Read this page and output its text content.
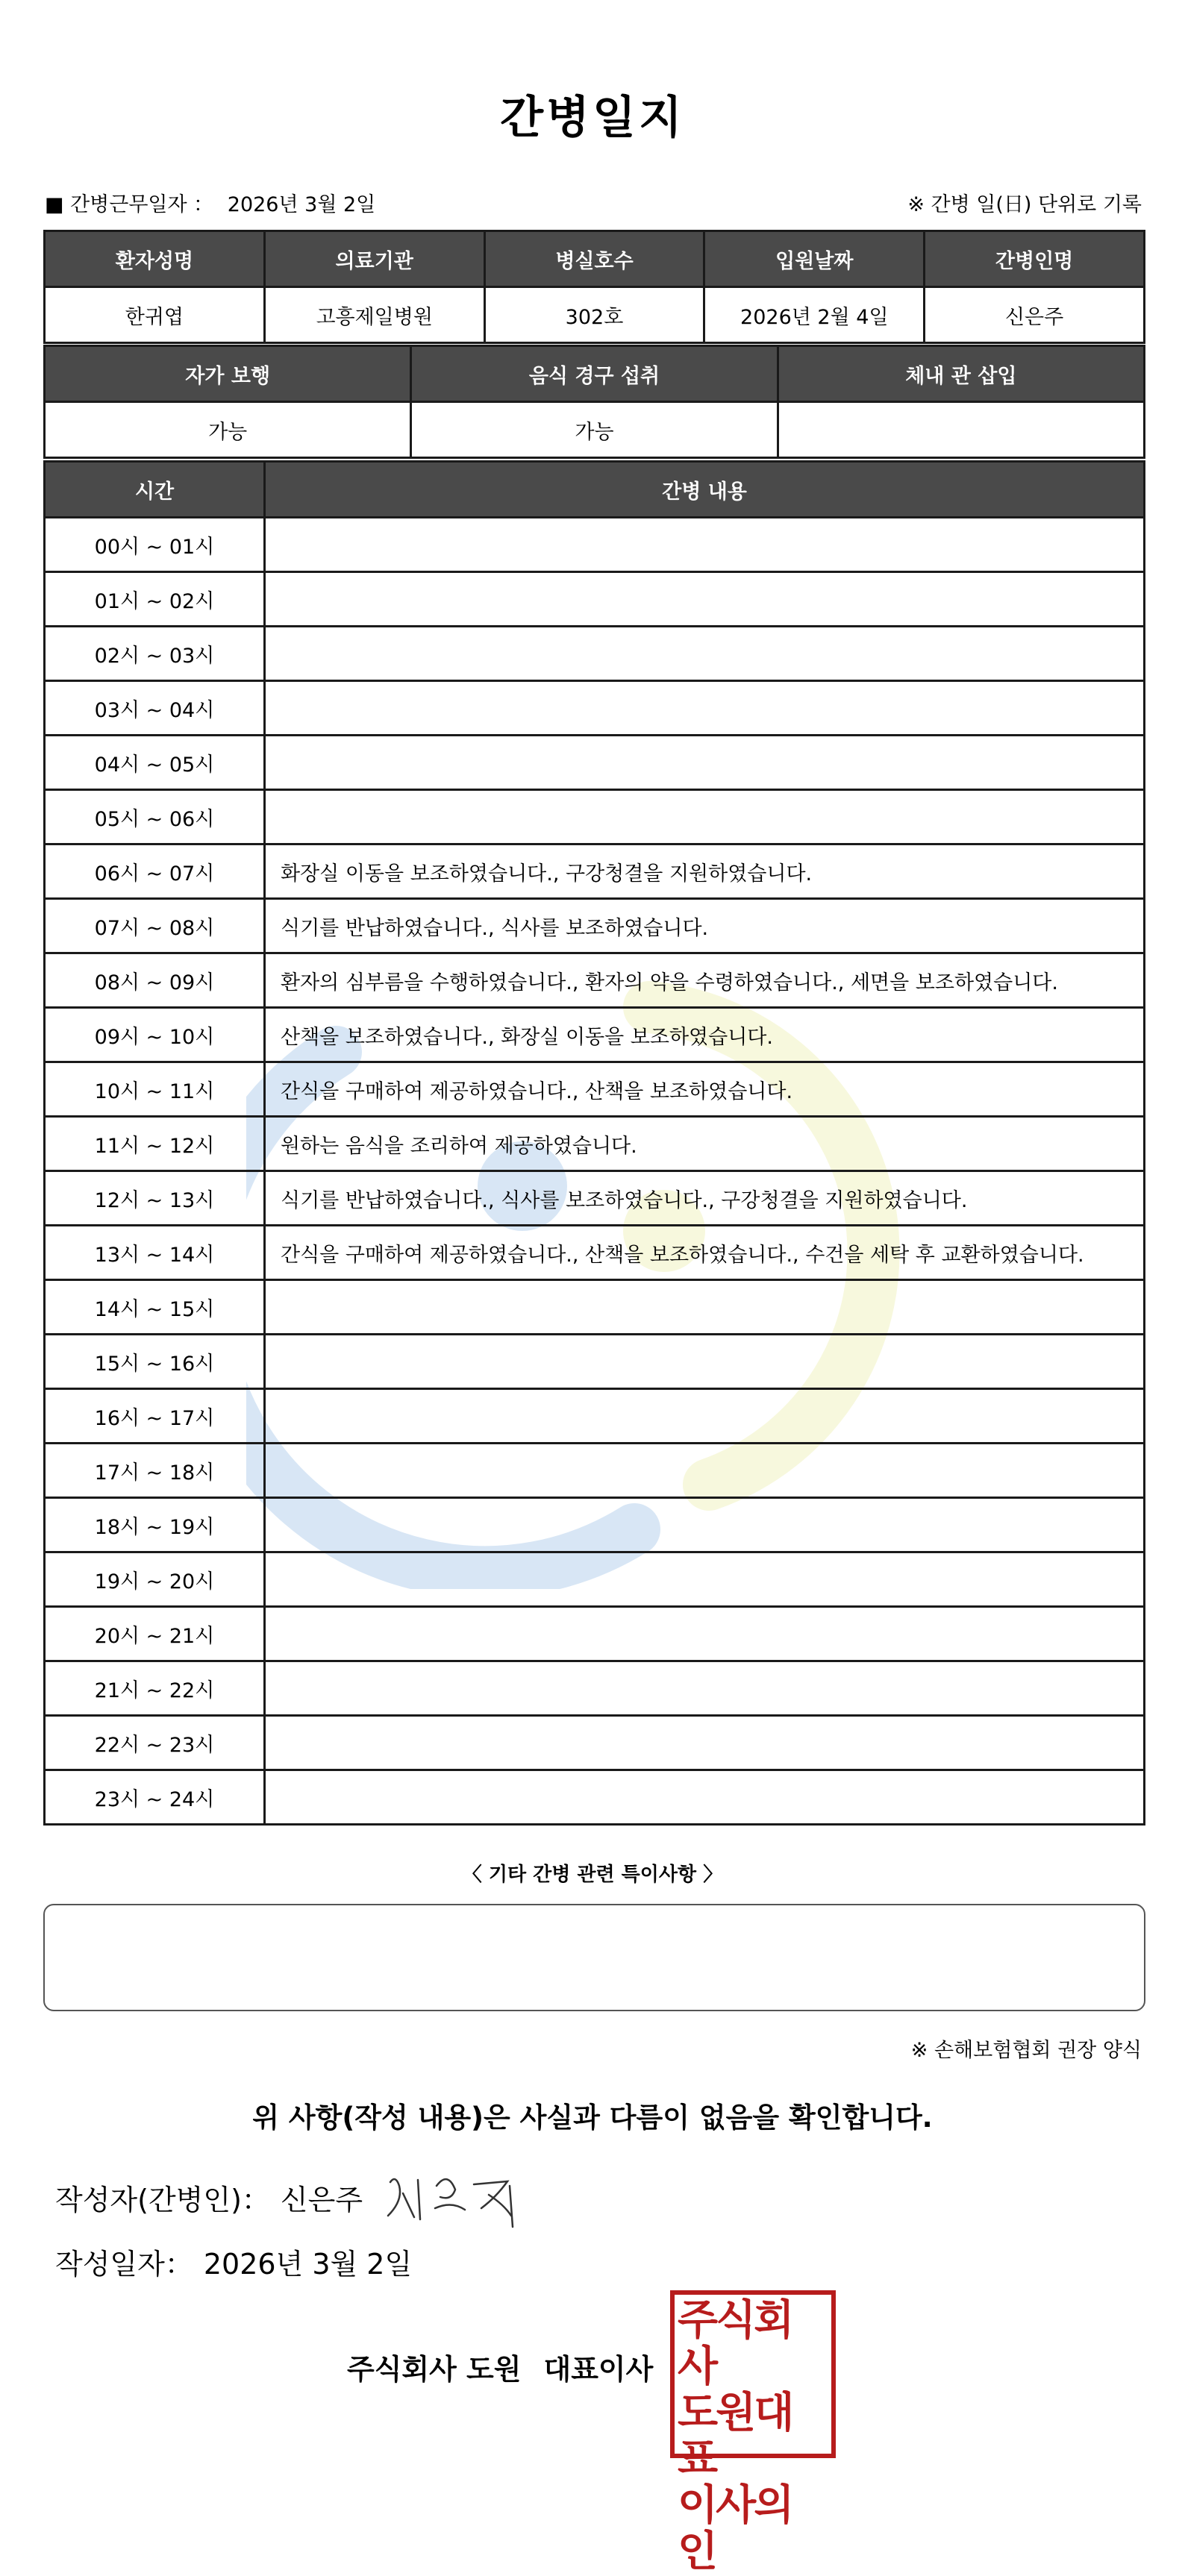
간병일지
■ 간병근무일자 ： 2026년 3월 2일	※ 간병 일(日) 단위로 기록
환자성명	의료기관	병실호수	입원날짜	간병인명
한귀엽	고흥제일병원	302호	2026년 2월 4일	신은주
자가 보행	음식 경구 섭취	체내 관 삽입
가능	가능	
시간	간병 내용
00시 ~ 01시	
01시 ~ 02시	
02시 ~ 03시	
03시 ~ 04시	
04시 ~ 05시	
05시 ~ 06시	
06시 ~ 07시	화장실 이동을 보조하였습니다., 구강청결을 지원하였습니다.
07시 ~ 08시	식기를 반납하였습니다., 식사를 보조하였습니다.
08시 ~ 09시	환자의 심부름을 수행하였습니다., 환자의 약을 수령하였습니다., 세면을 보조하였습니다.
09시 ~ 10시	산책을 보조하였습니다., 화장실 이동을 보조하였습니다.
10시 ~ 11시	간식을 구매하여 제공하였습니다., 산책을 보조하였습니다.
11시 ~ 12시	원하는 음식을 조리하여 제공하였습니다.
12시 ~ 13시	식기를 반납하였습니다., 식사를 보조하였습니다., 구강청결을 지원하였습니다.
13시 ~ 14시	간식을 구매하여 제공하였습니다., 산책을 보조하였습니다., 수건을 세탁 후 교환하였습니다.
14시 ~ 15시	
15시 ~ 16시	
16시 ~ 17시	
17시 ~ 18시	
18시 ~ 19시	
19시 ~ 20시	
20시 ~ 21시	
21시 ~ 22시	
22시 ~ 23시	
23시 ~ 24시	
〈 기타 간병 관련 특이사항 〉
※ 손해보험협회 권장 양식
위 사항(작성 내용)은 사실과 다름이 없음을 확인합니다.
작성자(간병인)： 신은주
작성일자： 2026년 3월 2일
주식회사 도원 대표이사
주식회사
도원대표
이사의인
